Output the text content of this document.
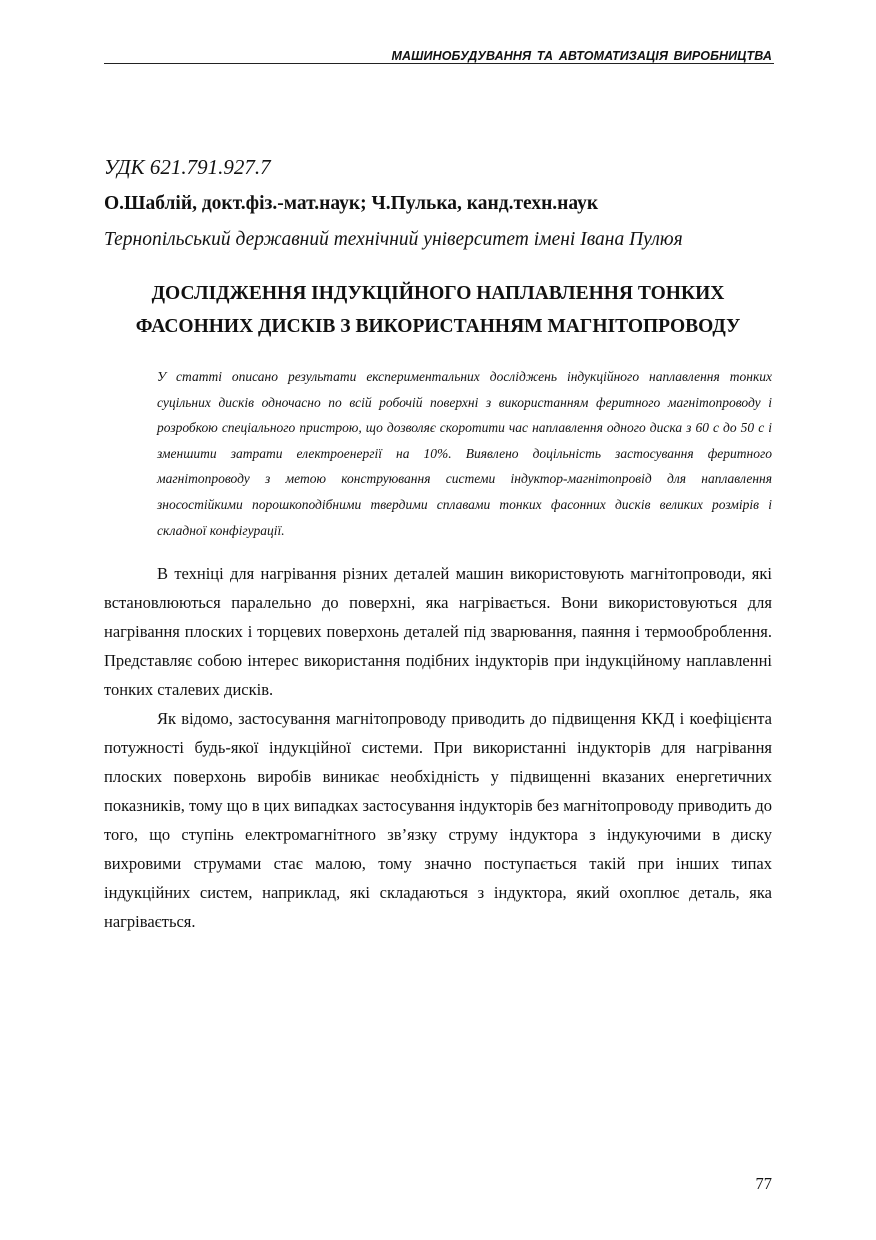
МАШИНОБУДУВАННЯ ТА АВТОМАТИЗАЦІЯ ВИРОБНИЦТВА
УДК 621.791.927.7
О.Шаблій, докт.фіз.-мат.наук; Ч.Пулька, канд.техн.наук
Тернопільський державний технічний університет імені Івана Пулюя
ДОСЛІДЖЕННЯ ІНДУКЦІЙНОГО НАПЛАВЛЕННЯ ТОНКИХ
ФАСОННИХ ДИСКІВ З ВИКОРИСТАННЯМ МАГНІТОПРОВОДУ

У статті описано результати експериментальних досліджень індукційного наплавлення тонких суцільних дисків одночасно по всій робочій поверхні з використанням феритного магнітопроводу і розробкою спеціального пристрою, що дозволяє скоротити час наплавлення одного диска з 60 с до 50 с і зменшити затрати електроенергії на 10%. Виявлено доцільність застосування феритного магнітопроводу з метою конструювання системи індуктор-магнітопровід для наплавлення зносостійкими порошкоподібними твердими сплавами тонких фасонних дисків великих розмірів і складної конфігурації.

В техніці для нагрівання різних деталей машин використовують магнітопроводи, які встановлюються паралельно до поверхні, яка нагрівається. Вони використовуються для нагрівання плоских і торцевих поверхонь деталей під зварювання, паяння і термооброблення. Представляє собою інтерес використання подібних індукторів при індукційному наплавленні тонких сталевих дисків.

Як відомо, застосування магнітопроводу приводить до підвищення ККД і коефіцієнта потужності будь-якої індукційної системи. При використанні індукторів для нагрівання плоских поверхонь виробів виникає необхідність у підвищенні вказаних енергетичних показників, тому що в цих випадках застосування індукторів без магнітопроводу приводить до того, що ступінь електромагнітного зв’язку струму індуктора з індукуючими в диску вихровими струмами стає малою, тому значно поступається такій при інших типах індукційних систем, наприклад, які складаються з індуктора, який охоплює деталь, яка нагрівається.

77
